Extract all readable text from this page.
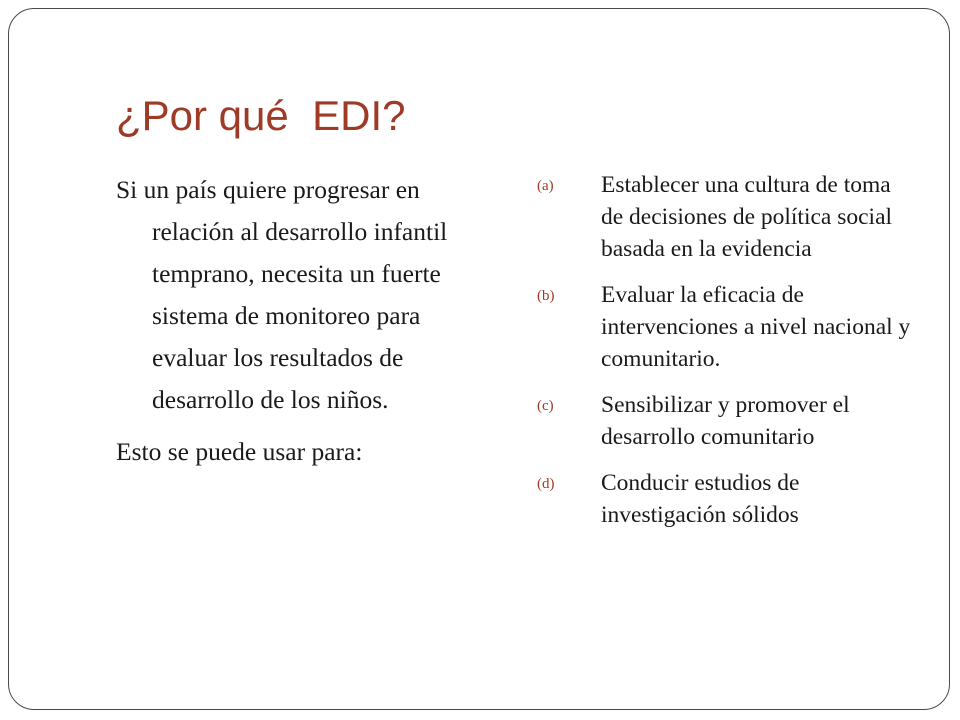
¿Por qué  EDI?

Si un país quiere progresar en relación al desarrollo infantil temprano, necesita un fuerte sistema de monitoreo para evaluar los resultados de desarrollo de los niños.

Esto se puede usar para:

(a) Establecer una cultura de toma de decisiones de política social basada en la evidencia
(b) Evaluar la eficacia de intervenciones a nivel nacional y comunitario.
(c) Sensibilizar y promover el desarrollo comunitario
(d) Conducir estudios de investigación sólidos
